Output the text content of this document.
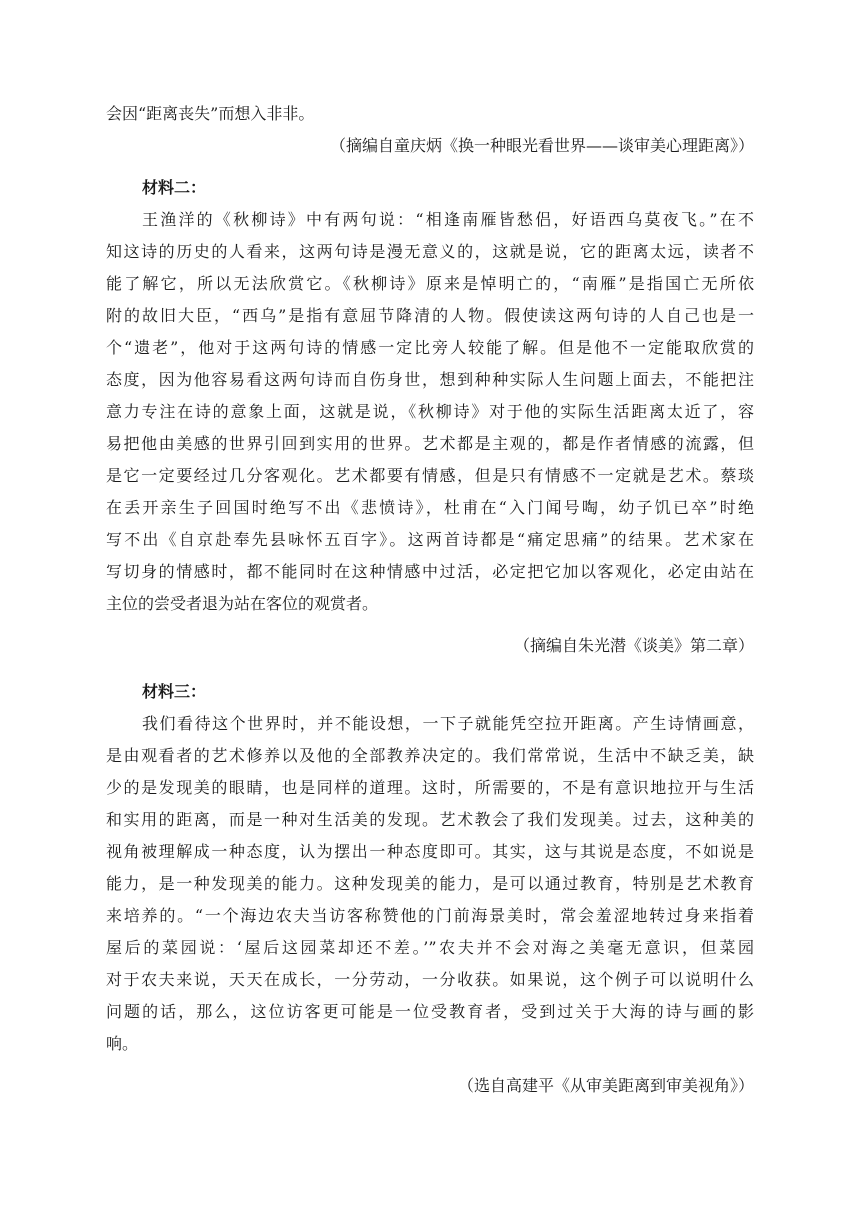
会因“距离丧失”而想入非非。
（摘编自童庆炳《换一种眼光看世界——谈审美心理距离》）
材料二：
王渔洋的《秋柳诗》中有两句说：“相逢南雁皆愁侣，好语西乌莫夜飞。”在不
知这诗的历史的人看来，这两句诗是漫无意义的，这就是说，它的距离太远，读者不
能了解它，所以无法欣赏它。《秋柳诗》原来是悼明亡的，“南雁”是指国亡无所依
附的故旧大臣，“西乌”是指有意屈节降清的人物。假使读这两句诗的人自己也是一
个“遗老”，他对于这两句诗的情感一定比旁人较能了解。但是他不一定能取欣赏的
态度，因为他容易看这两句诗而自伤身世，想到种种实际人生问题上面去，不能把注
意力专注在诗的意象上面，这就是说，《秋柳诗》对于他的实际生活距离太近了，容
易把他由美感的世界引回到实用的世界。艺术都是主观的，都是作者情感的流露，但
是它一定要经过几分客观化。艺术都要有情感，但是只有情感不一定就是艺术。蔡琰
在丢开亲生子回国时绝写不出《悲愤诗》，杜甫在“入门闻号啕，幼子饥已卒”时绝
写不出《自京赴奉先县咏怀五百字》。这两首诗都是“痛定思痛”的结果。艺术家在
写切身的情感时，都不能同时在这种情感中过活，必定把它加以客观化，必定由站在
主位的尝受者退为站在客位的观赏者。
（摘编自朱光潜《谈美》第二章）
材料三：
我们看待这个世界时，并不能设想，一下子就能凭空拉开距离。产生诗情画意，
是由观看者的艺术修养以及他的全部教养决定的。我们常常说，生活中不缺乏美，缺
少的是发现美的眼睛，也是同样的道理。这时，所需要的，不是有意识地拉开与生活
和实用的距离，而是一种对生活美的发现。艺术教会了我们发现美。过去，这种美的
视角被理解成一种态度，认为摆出一种态度即可。其实，这与其说是态度，不如说是
能力，是一种发现美的能力。这种发现美的能力，是可以通过教育，特别是艺术教育
来培养的。“一个海边农夫当访客称赞他的门前海景美时，常会羞涩地转过身来指着
屋后的菜园说：‘屋后这园菜却还不差。’”农夫并不会对海之美毫无意识，但菜园
对于农夫来说，天天在成长，一分劳动，一分收获。如果说，这个例子可以说明什么
问题的话，那么，这位访客更可能是一位受教育者，受到过关于大海的诗与画的影
响。
（选自高建平《从审美距离到审美视角》）
